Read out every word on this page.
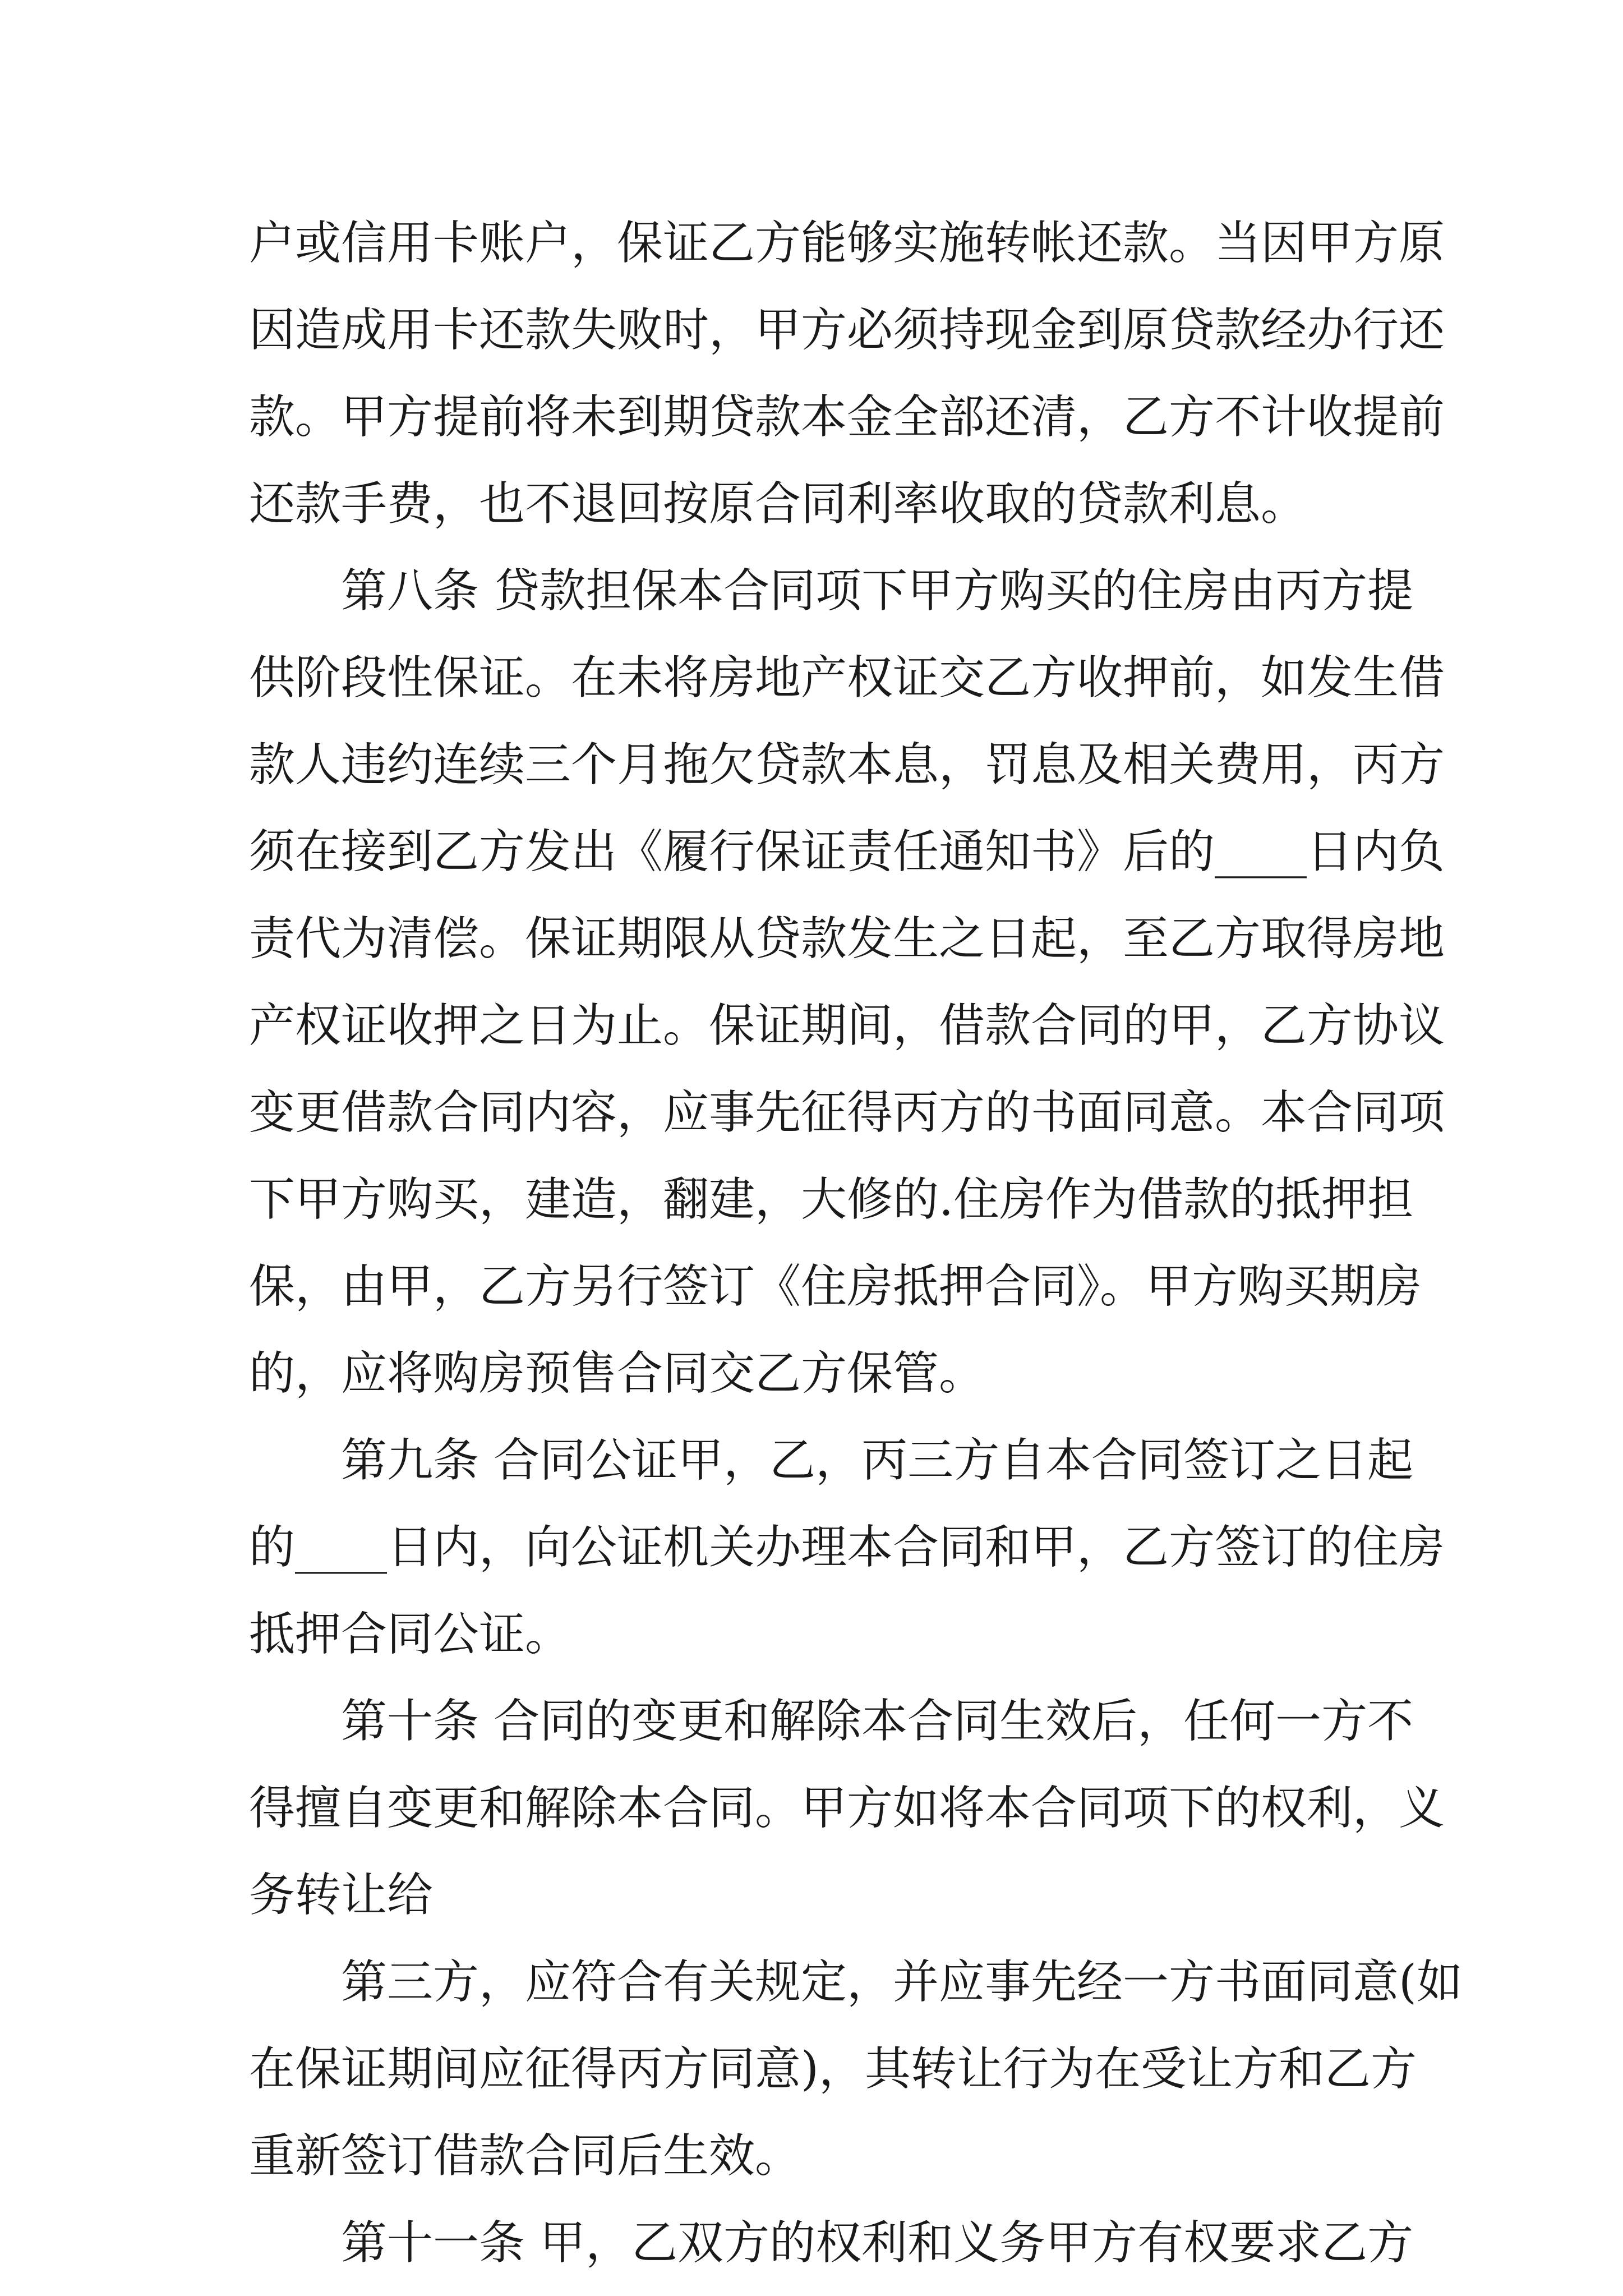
户或信用卡账户，保证乙方能够实施转帐还款。当因甲方原
因造成用卡还款失败时，甲方必须持现金到原贷款经办行还
款。甲方提前将未到期贷款本金全部还清，乙方不计收提前
还款手费，也不退回按原合同利率收取的贷款利息。
第八条 贷款担保本合同项下甲方购买的住房由丙方提
供阶段性保证。在未将房地产权证交乙方收押前，如发生借
款人违约连续三个月拖欠贷款本息，罚息及相关费用，丙方
须在接到乙方发出《履行保证责任通知书》后的____日内负
责代为清偿。保证期限从贷款发生之日起，至乙方取得房地
产权证收押之日为止。保证期间，借款合同的甲，乙方协议
变更借款合同内容，应事先征得丙方的书面同意。本合同项
下甲方购买，建造，翻建，大修的.住房作为借款的抵押担
保，由甲，乙方另行签订《住房抵押合同》。甲方购买期房
的，应将购房预售合同交乙方保管。
第九条 合同公证甲，乙，丙三方自本合同签订之日起
的____日内，向公证机关办理本合同和甲，乙方签订的住房
抵押合同公证。
第十条 合同的变更和解除本合同生效后，任何一方不
得擅自变更和解除本合同。甲方如将本合同项下的权利，义
务转让给
第三方，应符合有关规定，并应事先经一方书面同意(如
在保证期间应征得丙方同意)，其转让行为在受让方和乙方
重新签订借款合同后生效。
第十一条 甲，乙双方的权利和义务甲方有权要求乙方
